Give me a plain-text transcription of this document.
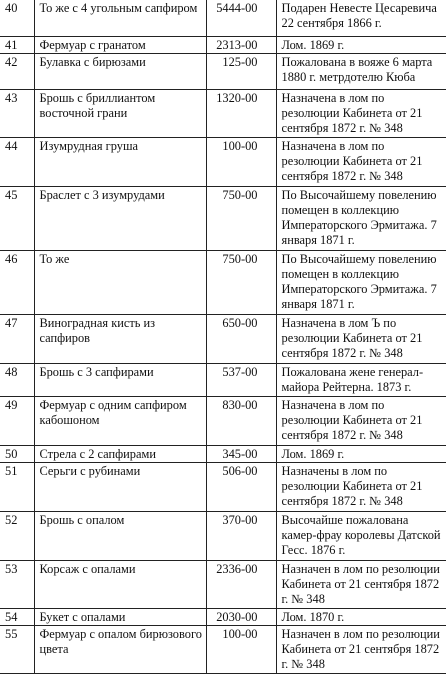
40	То же с 4 угольным сапфиром	5444-00	Подарен Невесте Цесаревича 22 сентября 1866 г.
41	Фермуар с гранатом	2313-00	Лом. 1869 г.
42	Булавка с бирюзами	125-00	Пожалована в вояже 6 марта 1880 г. метрдотелю Кюба
43	Брошь с бриллиантом восточной грани	1320-00	Назначена в лом по резолюции Кабинета от 21 сентября 1872 г. № 348
44	Изумрудная груша	100-00	Назначена в лом по резолюции Кабинета от 21 сентября 1872 г. № 348
45	Браслет с 3 изумрудами	750-00	По Высочайшему повелению помещен в коллекцию Императорского Эрмитажа. 7 января 1871 г.
46	То же	750-00	По Высочайшему повелению помещен в коллекцию Императорского Эрмитажа. 7 января 1871 г.
47	Виноградная кисть из сапфиров	650-00	Назначена в лом Ъ по резолюции Кабинета от 21 сентября 1872 г. № 348
48	Брошь с 3 сапфирами	537-00	Пожалована жене генерал-майора Рейтерна. 1873 г.
49	Фермуар с одним сапфиром кабошоном	830-00	Назначена в лом по резолюции Кабинета от 21 сентября 1872 г. № 348
50	Стрела с 2 сапфирами	345-00	Лом. 1869 г.
51	Серьги с рубинами	506-00	Назначены в лом по резолюции Кабинета от 21 сентября 1872 г. № 348
52	Брошь с опалом	370-00	Высочайше пожалована камер-фрау королевы Датской Гесс. 1876 г.
53	Корсаж с опалами	2336-00	Назначен в лом по резолюции Кабинета от 21 сентября 1872 г. № 348
54	Букет с опалами	2030-00	Лом. 1870 г.
55	Фермуар с опалом бирюзового цвета	100-00	Назначен в лом по резолюции Кабинета от 21 сентября 1872 г. № 348
